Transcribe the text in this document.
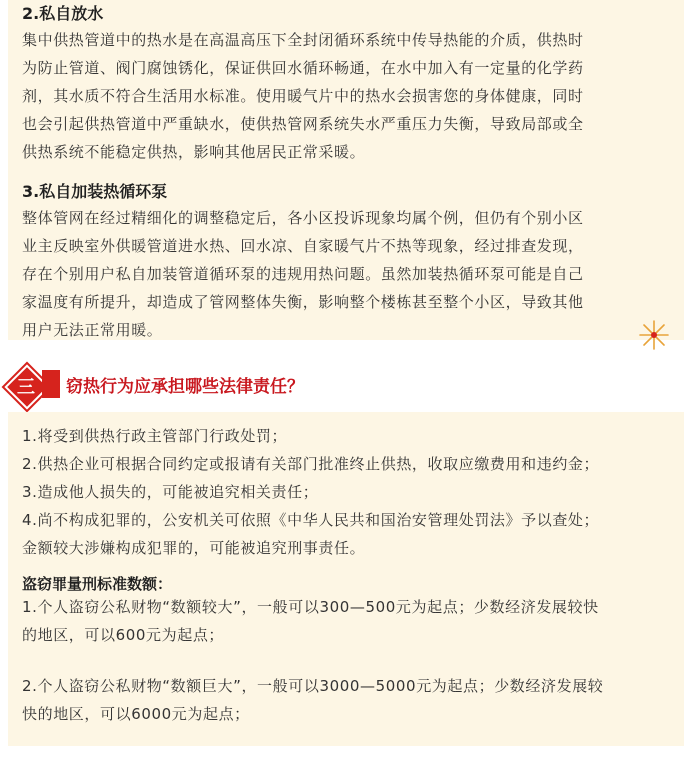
2.私自放水
集中供热管道中的热水是在高温高压下全封闭循环系统中传导热能的介质，供热时
为防止管道、阀门腐蚀锈化，保证供回水循环畅通，在水中加入有一定量的化学药
剂，其水质不符合生活用水标准。使用暖气片中的热水会损害您的身体健康，同时
也会引起供热管道中严重缺水，使供热管网系统失水严重压力失衡，导致局部或全
供热系统不能稳定供热，影响其他居民正常采暖。
3.私自加装热循环泵
整体管网在经过精细化的调整稳定后，各小区投诉现象均属个例，但仍有个别小区
业主反映室外供暖管道进水热、回水凉、自家暖气片不热等现象，经过排查发现，
存在个别用户私自加装管道循环泵的违规用热问题。虽然加装热循环泵可能是自己
家温度有所提升，却造成了管网整体失衡，影响整个楼栋甚至整个小区，导致其他
用户无法正常用暖。
三	窃热行为应承担哪些法律责任？
1.将受到供热行政主管部门行政处罚；
2.供热企业可根据合同约定或报请有关部门批准终止供热，收取应缴费用和违约金；
3.造成他人损失的，可能被追究相关责任；
4.尚不构成犯罪的，公安机关可依照《中华人民共和国治安管理处罚法》予以查处；
金额较大涉嫌构成犯罪的，可能被追究刑事责任。
盗窃罪量刑标准数额：
1.个人盗窃公私财物“数额较大”，一般可以300—500元为起点；少数经济发展较快
的地区，可以600元为起点；
2.个人盗窃公私财物“数额巨大”，一般可以3000—5000元为起点；少数经济发展较
快的地区，可以6000元为起点；
